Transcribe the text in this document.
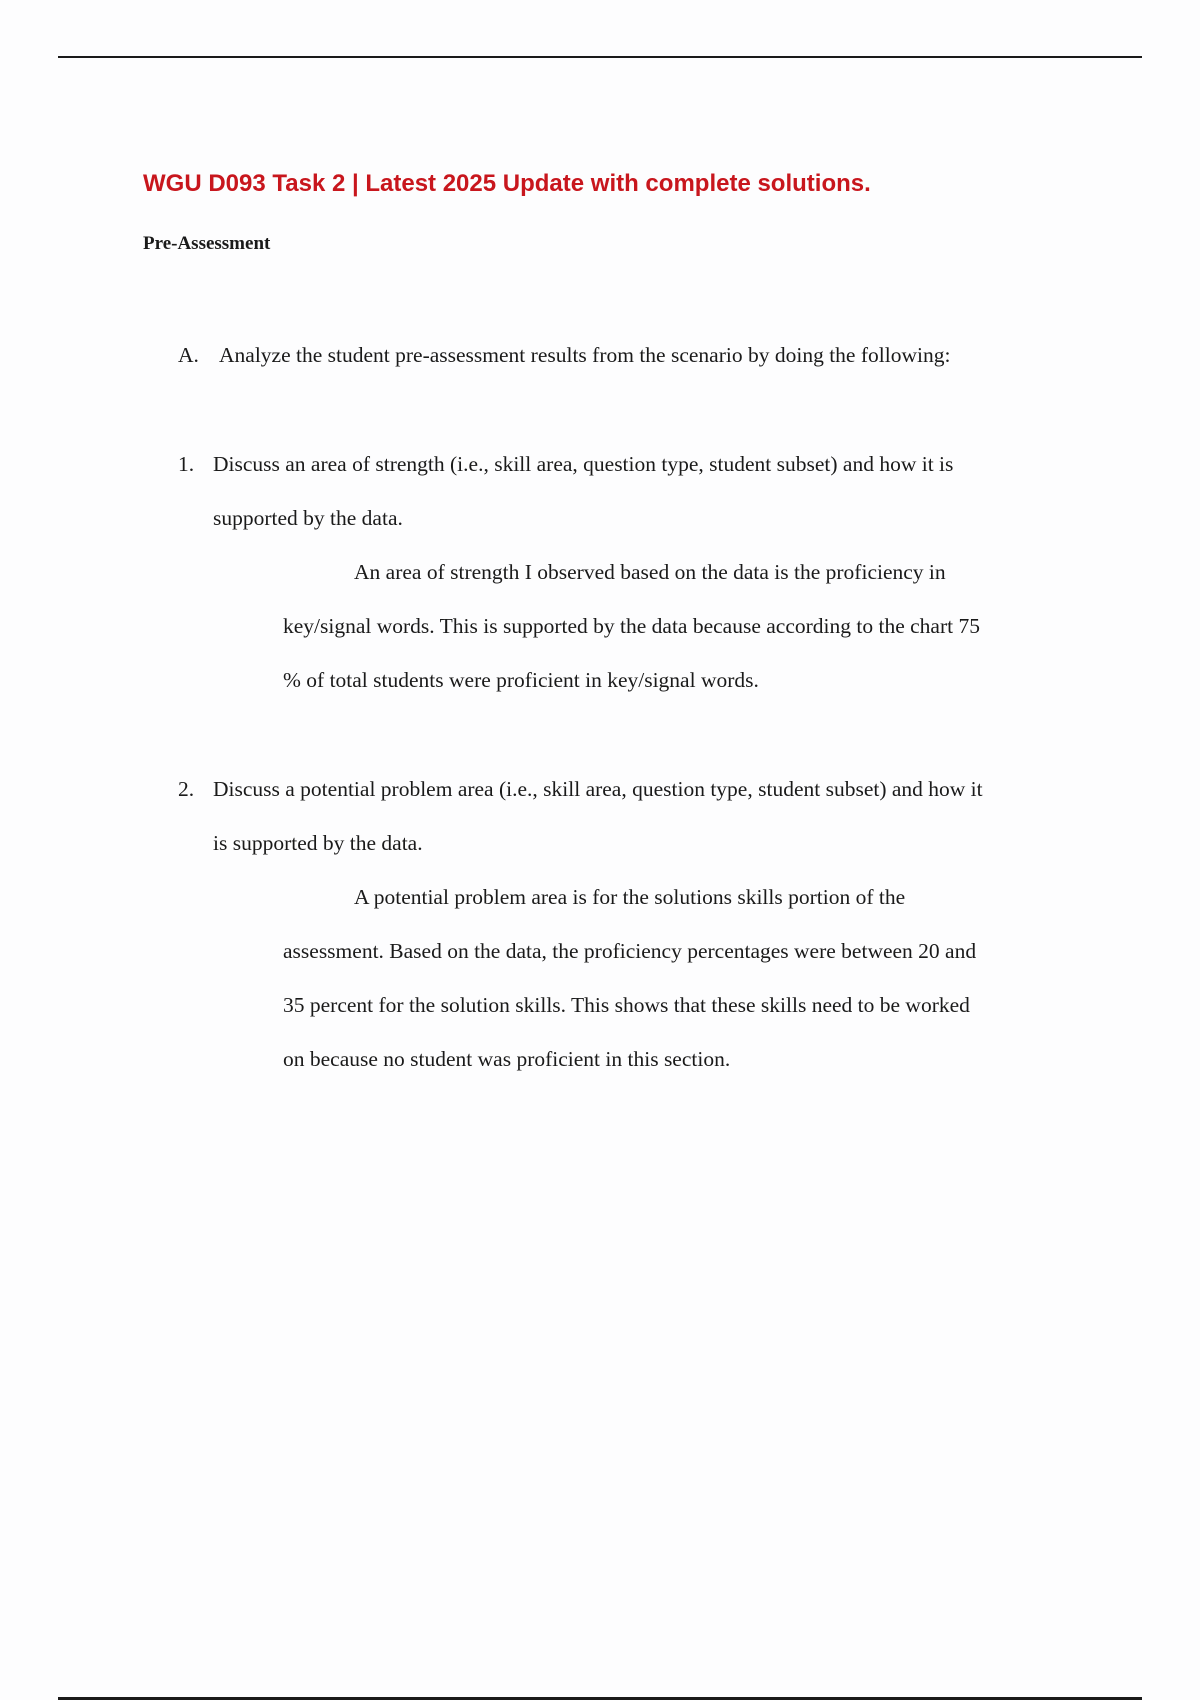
WGU D093 Task 2 | Latest 2025 Update with complete solutions.
Pre-Assessment
A. Analyze the student pre-assessment results from the scenario by doing the following:
1. Discuss an area of strength (i.e., skill area, question type, student subset) and how it is
supported by the data.
An area of strength I observed based on the data is the proficiency in
key/signal words. This is supported by the data because according to the chart 75
% of total students were proficient in key/signal words.
2. Discuss a potential problem area (i.e., skill area, question type, student subset) and how it
is supported by the data.
A potential problem area is for the solutions skills portion of the
assessment. Based on the data, the proficiency percentages were between 20 and
35 percent for the solution skills. This shows that these skills need to be worked
on because no student was proficient in this section.
